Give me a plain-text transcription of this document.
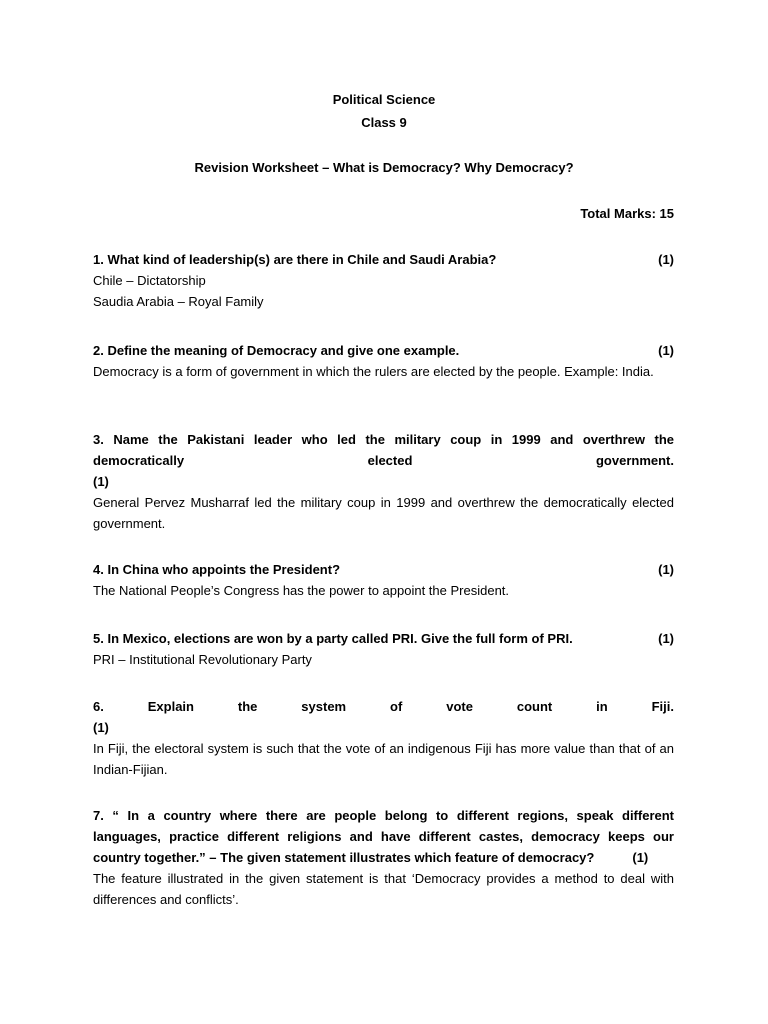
Political Science
Class 9
Revision Worksheet – What is Democracy? Why Democracy?
Total Marks: 15
1. What kind of leadership(s) are there in Chile and Saudi Arabia?	(1)
Chile – Dictatorship
Saudia Arabia – Royal Family
2. Define the meaning of Democracy and give one example.	(1)
Democracy is a form of government in which the rulers are elected by the people. Example: India.
3. Name the Pakistani leader who led the military coup in 1999 and overthrew the democratically elected government.
(1)
General Pervez Musharraf led the military coup in 1999 and overthrew the democratically elected government.
4. In China who appoints the President?	(1)
The National People’s Congress has the power to appoint the President.
5. In Mexico, elections are won by a party called PRI. Give the full form of PRI.	(1)
PRI – Institutional Revolutionary Party
6. Explain the system of vote count in Fiji.
(1)
In Fiji, the electoral system is such that the vote of an indigenous Fiji has more value than that of an Indian-Fijian.
7. “ In a country where there are people belong to different regions, speak different languages, practice different religions and have different castes, democracy keeps our country together.” – The given statement illustrates which feature of democracy?	(1)
The feature illustrated in the given statement is that ‘Democracy provides a method to deal with differences and conflicts’.
